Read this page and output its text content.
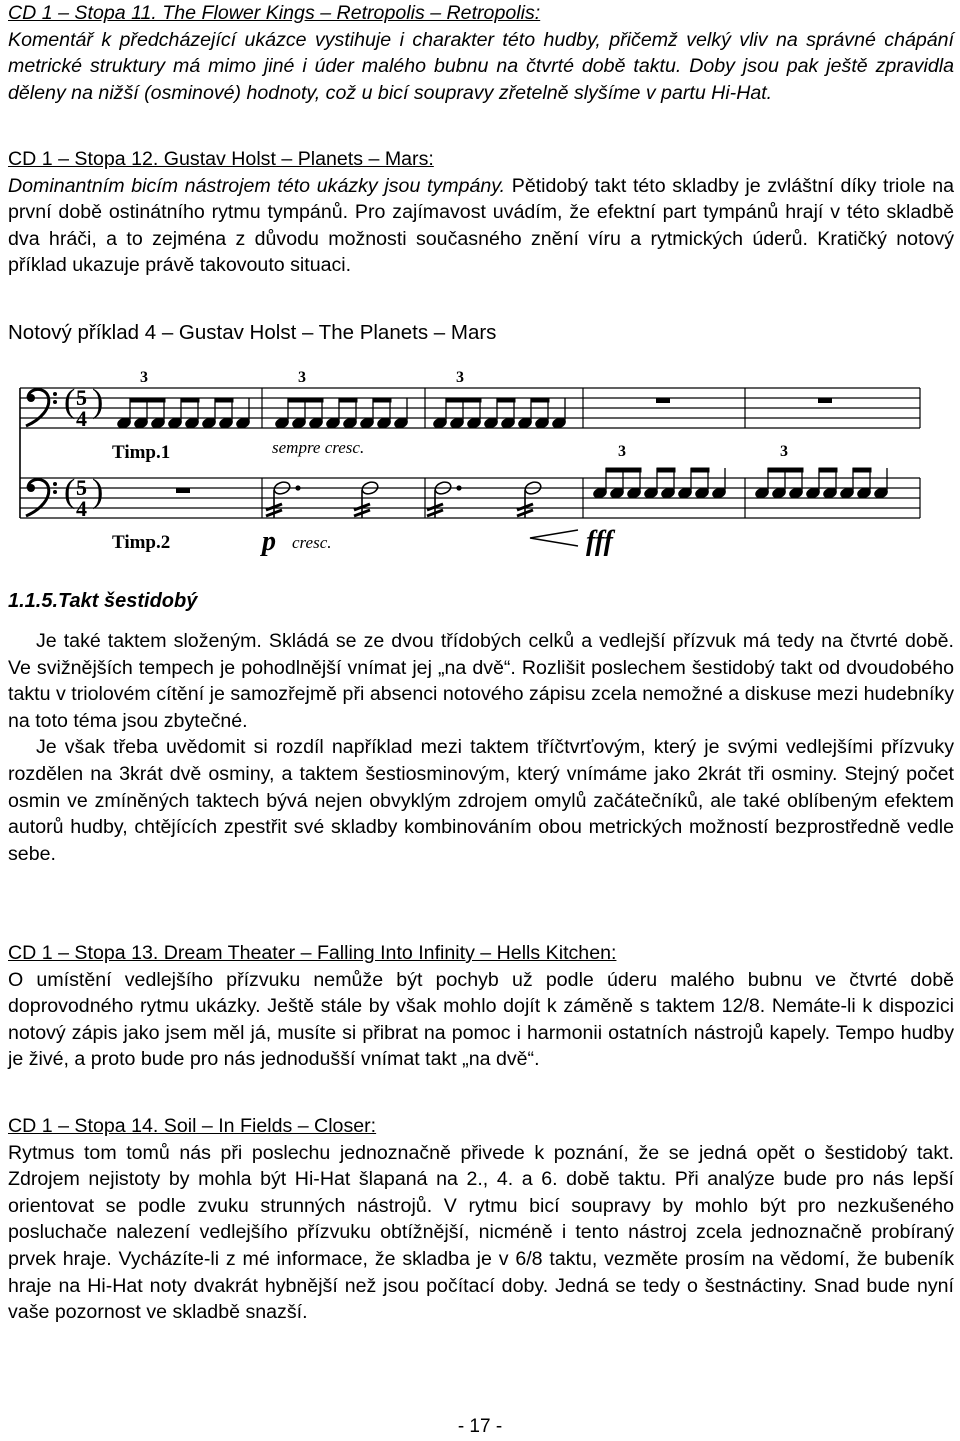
CD 1 – Stopa 11. The Flower Kings – Retropolis – Retropolis:

Komentář k předcházející ukázce vystihuje i charakter této hudby, přičemž velký vliv na správné chápání metrické struktury má mimo jiné i úder malého bubnu na čtvrté době taktu. Doby jsou pak ještě zpravidla děleny na nižší (osminové) hodnoty, což u bicí soupravy zřetelně slyšíme v partu Hi-Hat.

CD 1 – Stopa 12. Gustav Holst – Planets – Mars:

Dominantním bicím nástrojem této ukázky jsou tympány. Pětidobý takt této skladby je zvláštní díky triole na první době ostinátního rytmu tympánů. Pro zajímavost uvádím, že efektní part tympánů hrají v této skladbě dva hráči, a to zejména z důvodu možnosti současného znění víru a rytmických úderů. Kratičký notový příklad ukazuje právě takovouto situaci.

Notový příklad 4 – Gustav Holst – The Planets – Mars

( 5
4 )
( 5
4 )
3	3	3
3	3
Timp.1
Timp.2
sempre cresc.
p cresc.	fff
1.1.5.Takt šestidobý

Je také taktem složeným. Skládá se ze dvou třídobých celků a vedlejší přízvuk má tedy na čtvrté době. Ve svižnějších tempech je pohodlnější vnímat jej „na dvě“. Rozlišit poslechem šestidobý takt od dvoudobého taktu v triolovém cítění je samozřejmě při absenci notového zápisu zcela nemožné a diskuse mezi hudebníky na toto téma jsou zbytečné.

Je však třeba uvědomit si rozdíl například mezi taktem tříčtvrťovým, který je svými vedlejšími přízvuky rozdělen na 3krát dvě osminy, a taktem šestiosminovým, který vnímáme jako 2krát tři osminy. Stejný počet osmin ve zmíněných taktech bývá nejen obvyklým zdrojem omylů začátečníků, ale také oblíbeným efektem autorů hudby, chtějících zpestřit své skladby kombinováním obou metrických možností bezprostředně vedle sebe.

CD 1 – Stopa 13. Dream Theater – Falling Into Infinity – Hells Kitchen:

O umístění vedlejšího přízvuku nemůže být pochyb už podle úderu malého bubnu ve čtvrté době doprovodného rytmu ukázky. Ještě stále by však mohlo dojít k záměně s taktem 12/8. Nemáte-li k dispozici notový zápis jako jsem měl já, musíte si přibrat na pomoc i harmonii ostatních nástrojů kapely. Tempo hudby je živé, a proto bude pro nás jednodušší vnímat takt „na dvě“.

CD 1 – Stopa 14. Soil – In Fields – Closer:

Rytmus tom tomů nás při poslechu jednoznačně přivede k poznání, že se jedná opět o šestidobý takt. Zdrojem nejistoty by mohla být Hi-Hat šlapaná na 2., 4. a 6. době taktu. Při analýze bude pro nás lepší orientovat se podle zvuku strunných nástrojů. V rytmu bicí soupravy by mohlo být pro nezkušeného posluchače nalezení vedlejšího přízvuku obtížnější, nicméně i tento nástroj zcela jednoznačně probíraný prvek hraje. Vycházíte-li z mé informace, že skladba je v 6/8 taktu, vezměte prosím na vědomí, že bubeník hraje na Hi-Hat noty dvakrát hybnější než jsou počítací doby. Jedná se tedy o šestnáctiny. Snad bude nyní vaše pozornost ve skladbě snazší.

- 17 -
